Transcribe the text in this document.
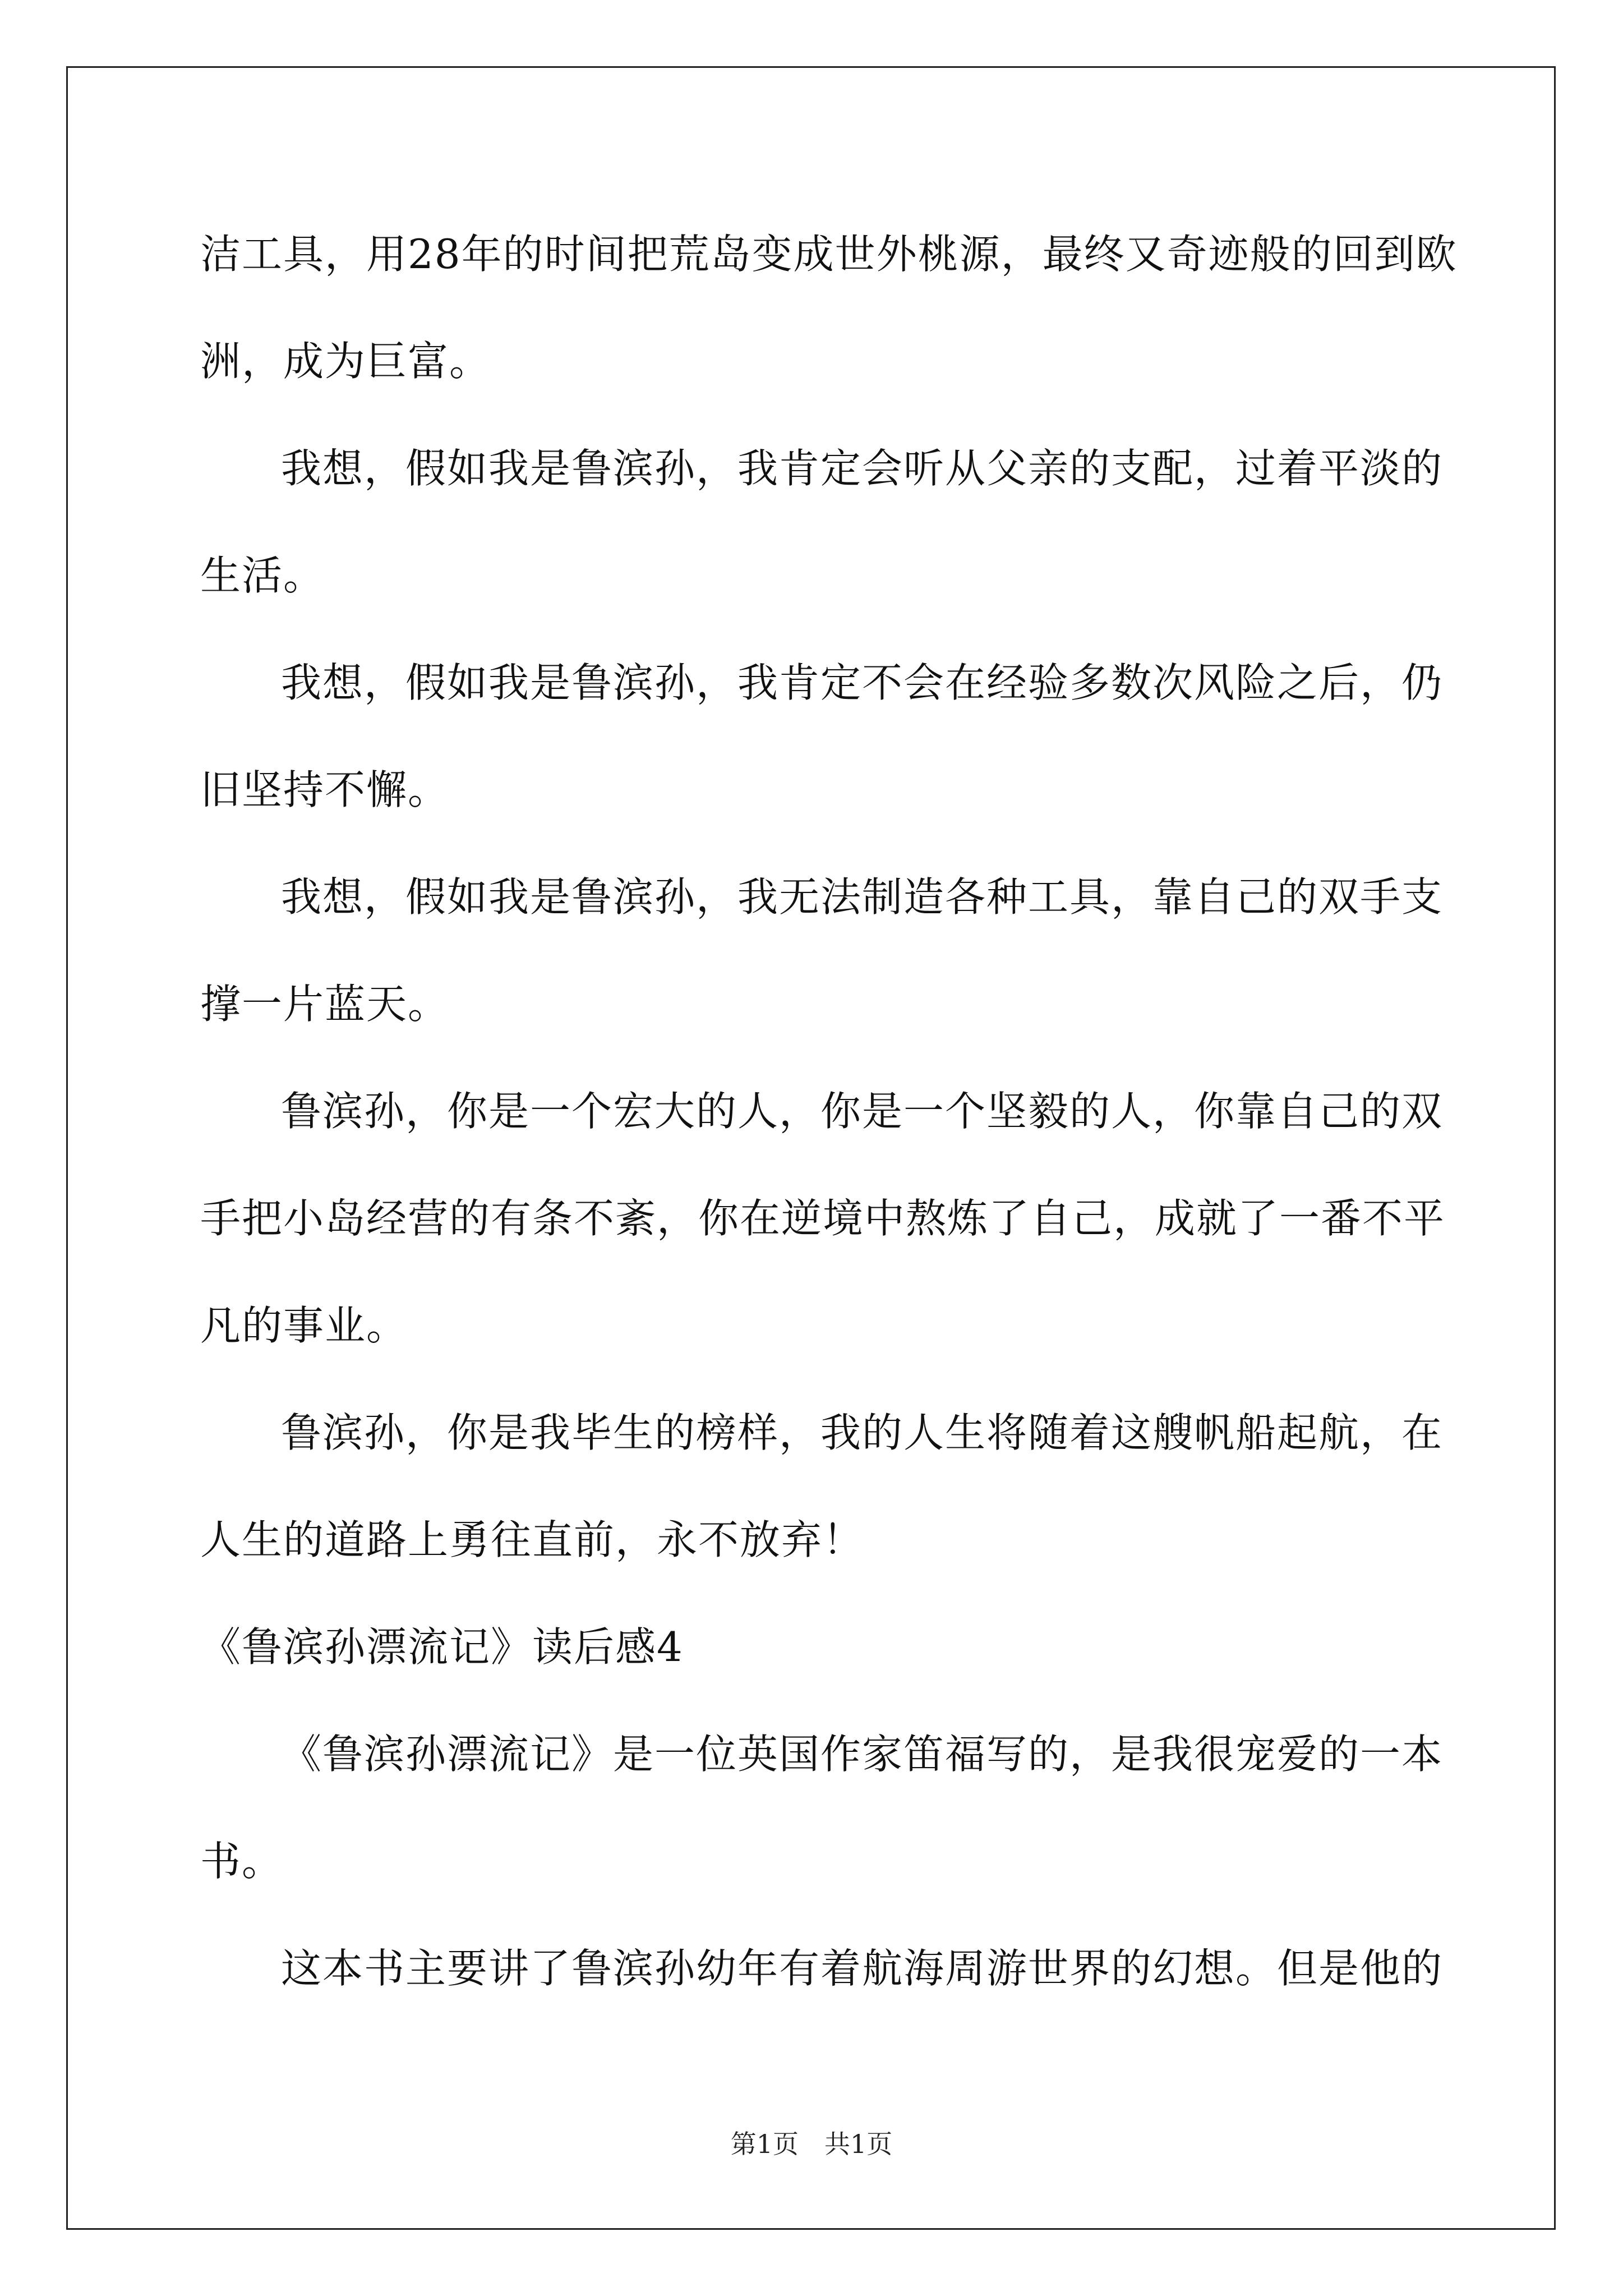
洁工具，用28年的时间把荒岛变成世外桃源，最终又奇迹般的回到欧
洲，成为巨富。
我想，假如我是鲁滨孙，我肯定会听从父亲的支配，过着平淡的
生活。
我想，假如我是鲁滨孙，我肯定不会在经验多数次风险之后，仍
旧坚持不懈。
我想，假如我是鲁滨孙，我无法制造各种工具，靠自己的双手支
撑一片蓝天。
鲁滨孙，你是一个宏大的人，你是一个坚毅的人，你靠自己的双
手把小岛经营的有条不紊，你在逆境中熬炼了自己，成就了一番不平
凡的事业。
鲁滨孙，你是我毕生的榜样，我的人生将随着这艘帆船起航，在
人生的道路上勇往直前，永不放弃！
《鲁滨孙漂流记》读后感4
《鲁滨孙漂流记》是一位英国作家笛福写的，是我很宠爱的一本
书。
这本书主要讲了鲁滨孙幼年有着航海周游世界的幻想。但是他的
第1页　共1页
